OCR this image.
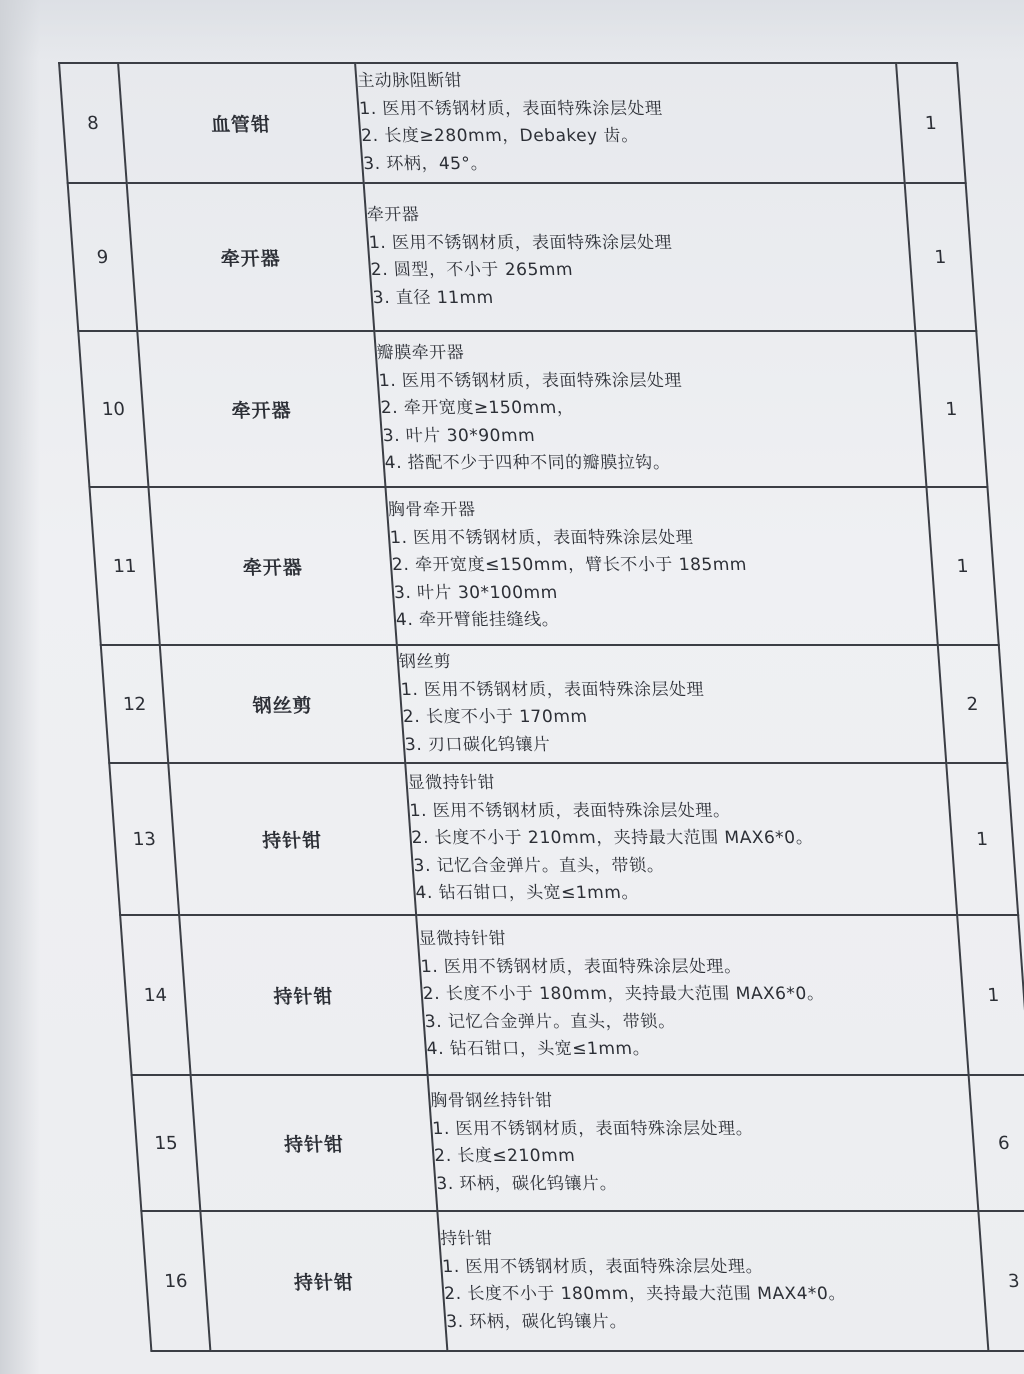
8	血管钳	主动脉阻断钳
1. 医用不锈钢材质，表面特殊涂层处理
2. 长度≥280mm，Debakey 齿。
3. 环柄，45°。	1
9	牵开器	牵开器
1. 医用不锈钢材质，表面特殊涂层处理
2. 圆型，不小于 265mm
3. 直径 11mm	1
10	牵开器	瓣膜牵开器
1. 医用不锈钢材质，表面特殊涂层处理
2. 牵开宽度≥150mm，
3. 叶片 30*90mm
4. 搭配不少于四种不同的瓣膜拉钩。	1
11	牵开器	胸骨牵开器
1. 医用不锈钢材质，表面特殊涂层处理
2. 牵开宽度≤150mm，臂长不小于 185mm
3. 叶片 30*100mm
4. 牵开臂能挂缝线。	1
12	钢丝剪	钢丝剪
1. 医用不锈钢材质，表面特殊涂层处理
2. 长度不小于 170mm
3. 刃口碳化钨镶片	2
13	持针钳	显微持针钳
1. 医用不锈钢材质，表面特殊涂层处理。
2. 长度不小于 210mm，夹持最大范围 MAX6*0。
3. 记忆合金弹片。直头，带锁。
4. 钻石钳口，头宽≤1mm。	1
14	持针钳	显微持针钳
1. 医用不锈钢材质，表面特殊涂层处理。
2. 长度不小于 180mm，夹持最大范围 MAX6*0。
3. 记忆合金弹片。直头，带锁。
4. 钻石钳口，头宽≤1mm。	1
15	持针钳	胸骨钢丝持针钳
1. 医用不锈钢材质，表面特殊涂层处理。
2. 长度≤210mm
3. 环柄，碳化钨镶片。	6
16	持针钳	持针钳
1. 医用不锈钢材质，表面特殊涂层处理。
2. 长度不小于 180mm，夹持最大范围 MAX4*0。
3. 环柄，碳化钨镶片。	3
